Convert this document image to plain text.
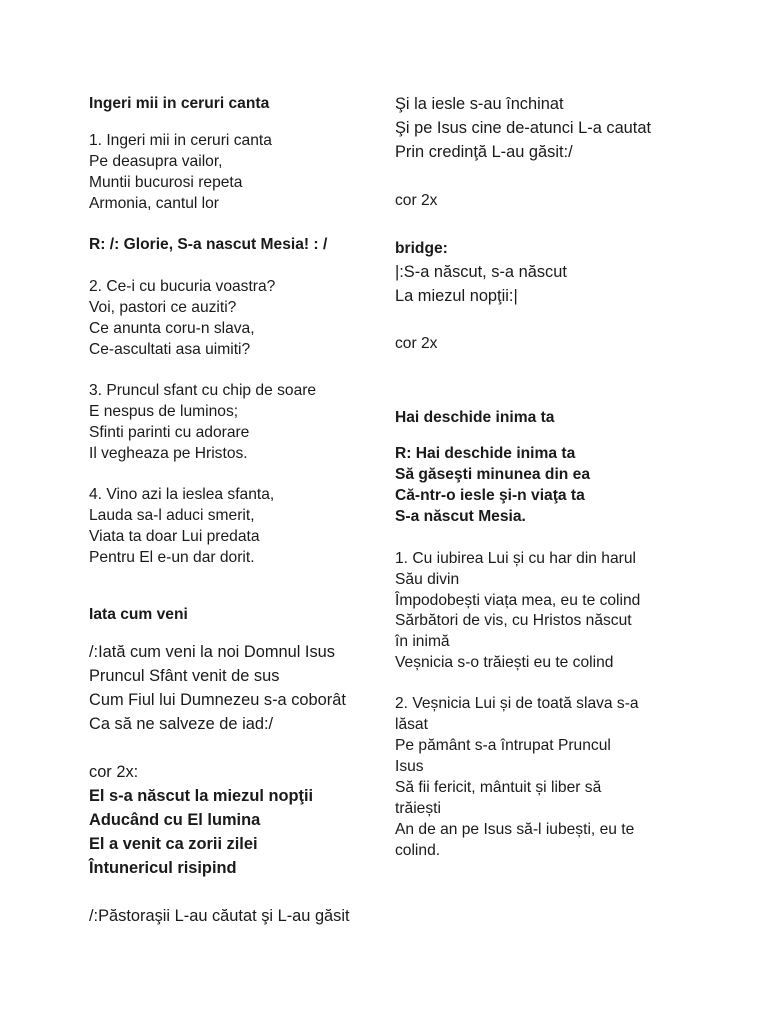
Ingeri mii in ceruri canta
1. Ingeri mii in ceruri canta
Pe deasupra vailor,
Muntii bucurosi repeta
Armonia, cantul lor
R: /: Glorie, S-a nascut Mesia! : /
2. Ce-i cu bucuria voastra?
Voi, pastori ce auziti?
Ce anunta coru-n slava,
Ce-ascultati asa uimiti?
3. Pruncul sfant cu chip de soare
E nespus de luminos;
Sfinti parinti cu adorare
Il vegheaza pe Hristos.
4. Vino azi la ieslea sfanta,
Lauda sa-l aduci smerit,
Viata ta doar Lui predata
Pentru El e-un dar dorit.
Iata cum veni
/:Iată cum veni la noi Domnul Isus
Pruncul Sfânt venit de sus
Cum Fiul lui Dumnezeu s-a coborât
Ca să ne salveze de iad:/
cor 2x:
El s-a născut la miezul nopţii
Aducând cu El lumina
El a venit ca zorii zilei
Întunericul risipind
/:Păstoraşii L-au căutat şi L-au găsit
Şi la iesle s-au închinat
Şi pe Isus cine de-atunci L-a cautat
Prin credinţă L-au găsit:/
cor 2x
bridge:
|:S-a născut, s-a născut
La miezul nopţii:|
cor 2x
Hai deschide inima ta
R: Hai deschide inima ta
Să găseşti minunea din ea
Că-ntr-o iesle şi-n viaţa ta
S-a născut Mesia.
1. Cu iubirea Lui și cu har din harul
Său divin
Împodobești viața mea, eu te colind
Sărbători de vis, cu Hristos născut
în inimă
Veșnicia s-o trăiești eu te colind
2. Veșnicia Lui și de toată slava s-a
lăsat
Pe pământ s-a întrupat Pruncul
Isus
Să fii fericit, mântuit și liber să
trăiești
An de an pe Isus să-l iubești, eu te
colind.
